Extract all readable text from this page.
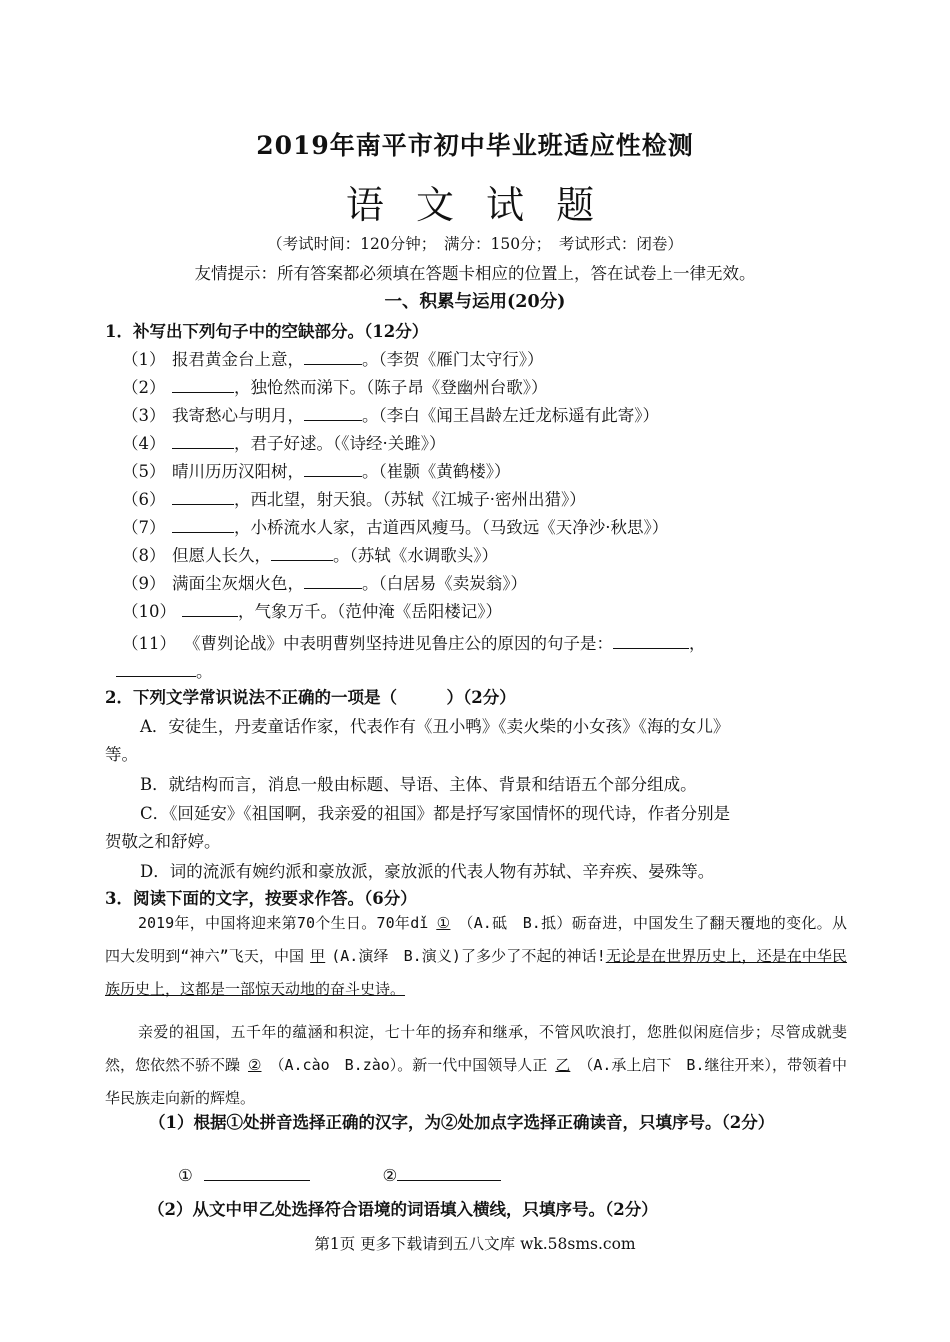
2019年南平市初中毕业班适应性检测
语 文 试 题
（考试时间：120分钟；　满分：150分；　考试形式：闭卷）
友情提示：所有答案都必须填在答题卡相应的位置上，答在试卷上一律无效。
一、积累与运用(20分)
1．补写出下列句子中的空缺部分。（12分）
（1） 报君黄金台上意，	。（李贺《雁门太守行》）
（2）	，独怆然而涕下。（陈子昂《登幽州台歌》）
（3） 我寄愁心与明月，	。（李白《闻王昌龄左迁龙标遥有此寄》）
（4）	，君子好逑。（《诗经·关雎》）
（5） 晴川历历汉阳树，	。（崔颢《黄鹤楼》）
（6）	，西北望，射天狼。（苏轼《江城子·密州出猎》）
（7）	，小桥流水人家，古道西风瘦马。（马致远《天净沙·秋思》）
（8） 但愿人长久，	。（苏轼《水调歌头》）
（9） 满面尘灰烟火色，	。（白居易《卖炭翁》）
（10）	，气象万千。（范仲淹《岳阳楼记》）
（11） 《曹刿论战》中表明曹刿坚持进见鲁庄公的原因的句子是：	，
。
2．下列文学常识说法不正确的一项是（　　　）（2分）
A．安徒生，丹麦童话作家，代表作有《丑小鸭》《卖火柴的小女孩》《海的女儿》
等。
B．就结构而言，消息一般由标题、导语、主体、背景和结语五个部分组成。
C．《回延安》《祖国啊，我亲爱的祖国》都是抒写家国情怀的现代诗，作者分别是
贺敬之和舒婷。
D．词的流派有婉约派和豪放派，豪放派的代表人物有苏轼、辛弃疾、晏殊等。
3．阅读下面的文字，按要求作答。（6分）
2019年，中国将迎来第70个生日。70年dǐ ① （A.砥　B.抵）砺奋进，中国发生了翻天覆地的变化。从四大发明到“神六”飞天，中国 甲 (A.演绎　B.演义)了多少了不起的神话!无论是在世界历史上，还是在中华民族历史上，这都是一部惊天动地的奋斗史诗。
亲爱的祖国，五千年的蕴涵和积淀，七十年的扬弃和继承，不管风吹浪打，您胜似闲庭信步；尽管成就斐然，您依然不骄不躁 ② （A.cào　B.zào）。新一代中国领导人正 乙 （A.承上启下　B.继往开来），带领着中华民族走向新的辉煌。
（1）根据①处拼音选择正确的汉字，为②处加点字选择正确读音，只填序号。（2分）
①	②
（2）从文中甲乙处选择符合语境的词语填入横线，只填序号。（2分）
第1页 更多下载请到五八文库 wk.58sms.com
